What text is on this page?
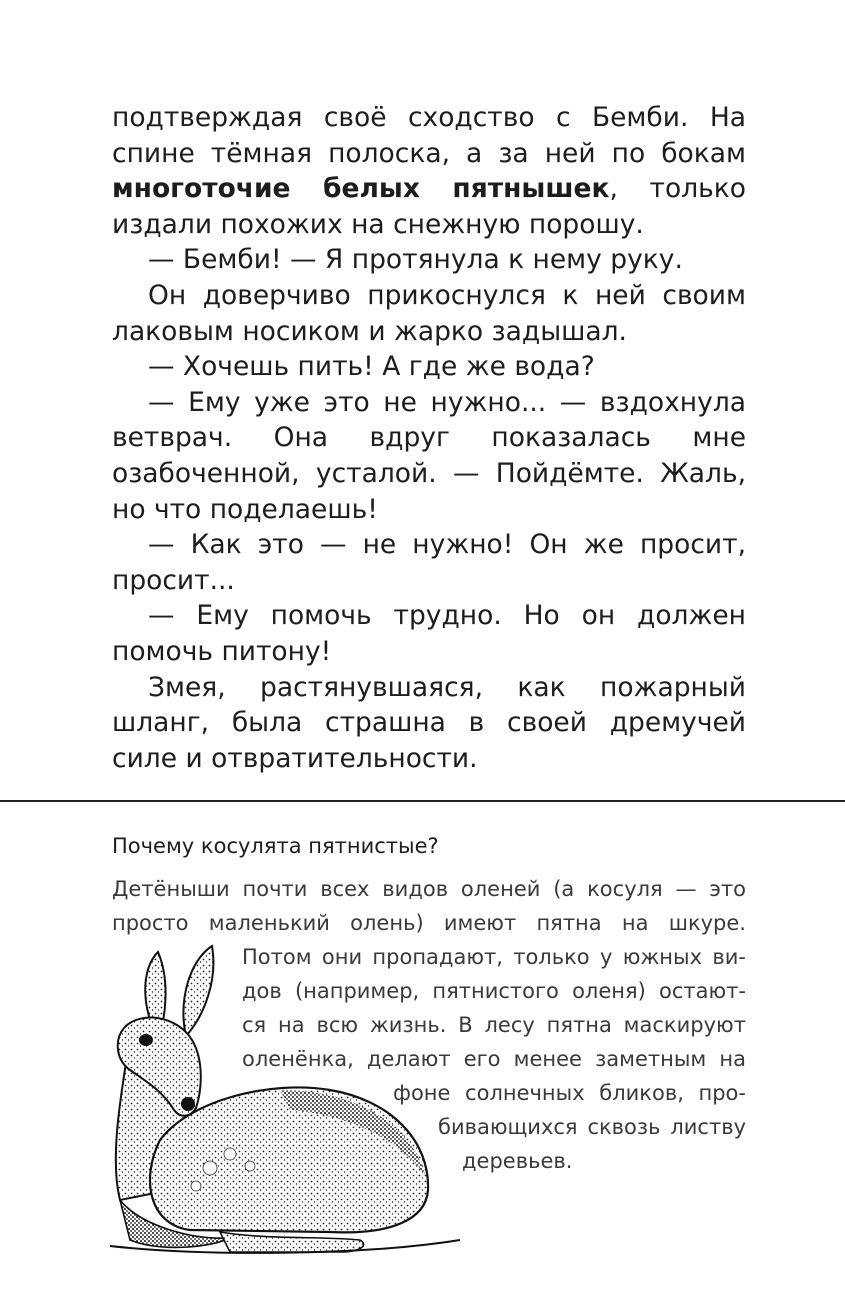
подтверждая своё сходство с Бемби. На спине тёмная полоска, а за ней по бокам многоточие белых пятнышек, только издали похожих на снежную порошу.

— Бемби! — Я протянула к нему руку.

Он доверчиво прикоснулся к ней своим лаковым носиком и жарко задышал.

— Хочешь пить! А где же вода?

— Ему уже это не нужно... — вздохнула ветврач. Она вдруг показалась мне озабоченной, усталой. — Пойдёмте. Жаль, но что поделаешь!

— Как это — не нужно! Он же просит, просит...

— Ему помочь трудно. Но он должен помочь питону!

Змея, растянувшаяся, как пожарный шланг, была страшна в своей дремучей силе и отвратительности.

Почему косулята пятнистые?
Детёныши почти всех видов оленей (а косуля — это
просто маленький олень) имеют пятна на шкуре.
Потом они пропадают, только у южных ви-
дов (например, пятнистого оленя) остают-
ся на всю жизнь. В лесу пятна маскируют
оленёнка, делают его менее заметным на
фоне солнечных бликов, про-
бивающихся сквозь листву
деревьев.
